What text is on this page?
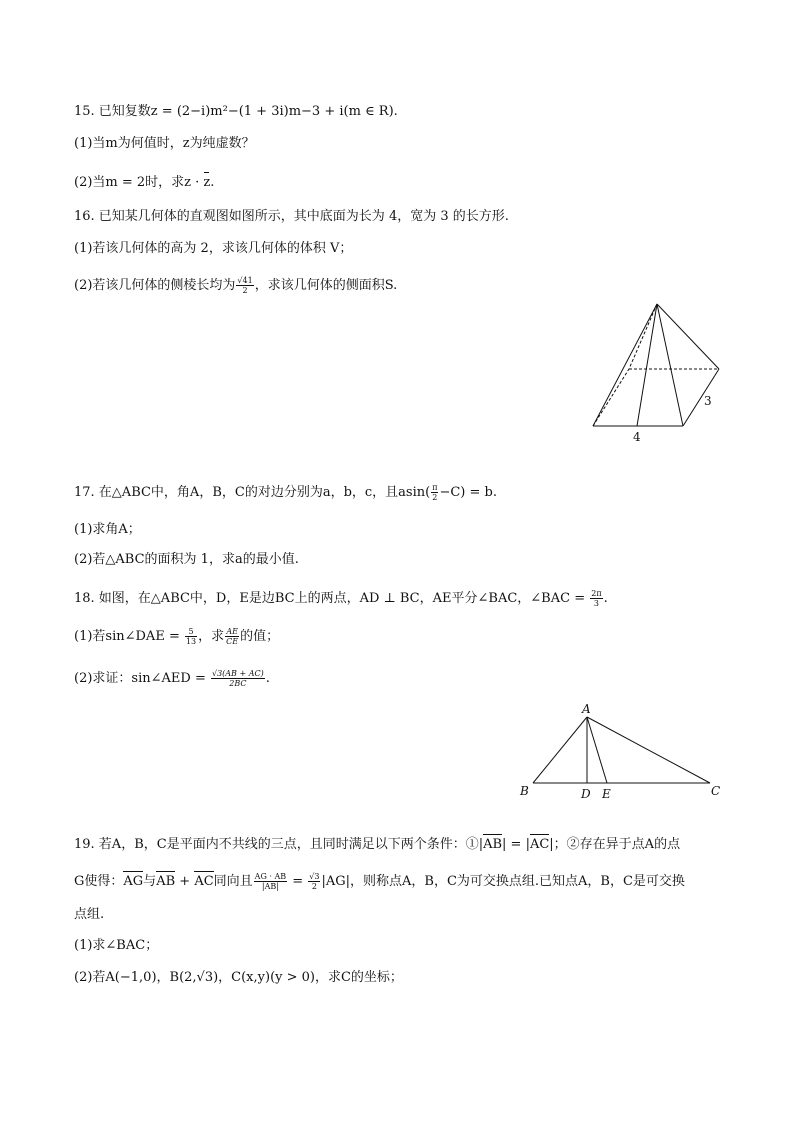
15. 已知复数z = (2−i)m²−(1 + 3i)m−3 + i(m ∈ R).
(1)当m为何值时，z为纯虚数？
(2)当m = 2时，求z · z.
16. 已知某几何体的直观图如图所示，其中底面为长为 4，宽为 3 的长方形.
(1)若该几何体的高为 2，求该几何体的体积 V；
(2)若该几何体的侧棱长均为 $\frac{√41}{2}$ ，求该几何体的侧面积S.
3
4
17. 在△ABC中，角A，B，C的对边分别为a，b，c，且$asin( \frac{\pi}{2} -C) = b$.
(1)求角A；
(2)若△ABC的面积为 1，求a的最小值.
18. 如图，在△ABC中，D，E是边BC上的两点，AD ⊥ BC，AE平分∠BAC，∠BAC = $\frac{2\pi}{3}$ .
(1)若sin∠DAE = $\frac{5}{13}$ ，求 $\frac{AE}{CE}$ 的值；
(2)求证：sin∠AED = $\frac{√3(AB + AC)}{2BC}$ .
A
B	D E	C
19. 若A，B，C是平面内不共线的三点，且同时满足以下两个条件：①|AB| = |AC|；②存在异于点A的点
G使得：AG与AB + AC同向且 $\frac{AG \cdot AB}{|AB|} = \frac{√3}{2} |AG|$，则称点A，B，C为可交换点组.已知点A，B，C是可交换
点组.
(1)求∠BAC；
(2)若A(−1,0)，B(2,√3)，C(x,y)(y > 0)，求C的坐标；
